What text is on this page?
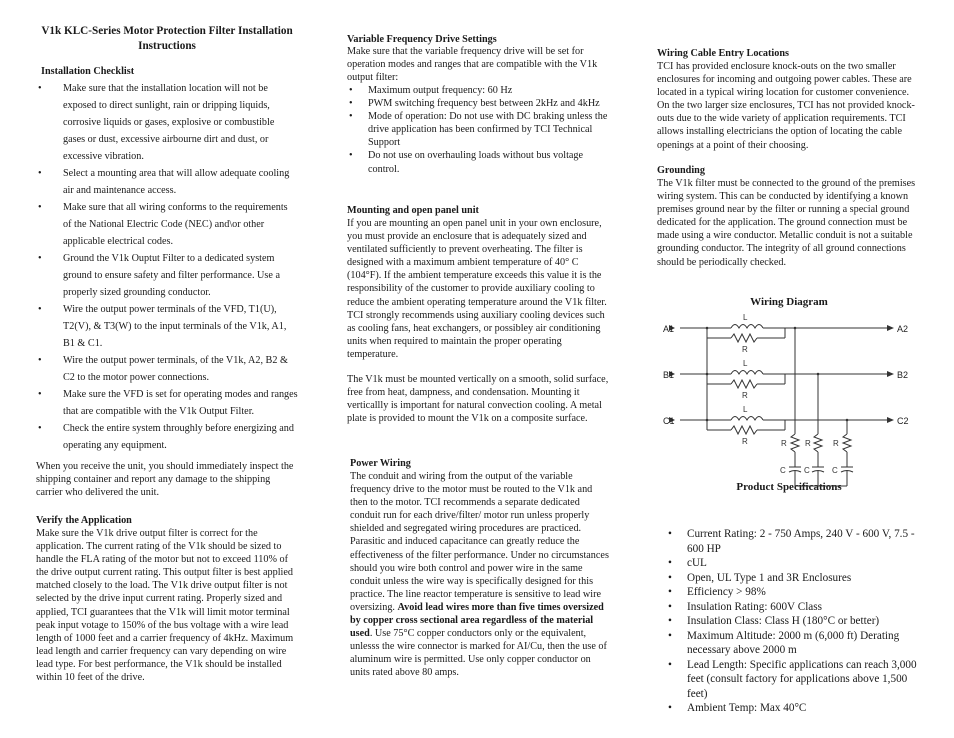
V1k KLC-Series Motor Protection Filter Installation Instructions
Installation Checklist
• Make sure that the installation location will not be exposed to direct sunlight, rain or dripping liquids, corrosive liquids or gases, explosive or combustible gases or dust, excessive airbourne dirt and dust, or excessive vibration.
• Select a mounting area that will allow adequate cooling air and maintenance access.
• Make sure that all wiring conforms to the requirements of the National Electric Code (NEC) and\or other applicable electrical codes.
• Ground the V1k Ouptut Filter to a dedicated system ground to ensure safety and filter performance. Use a properly sized grounding conductor.
• Wire the output power terminals of the VFD, T1(U), T2(V), & T3(W) to the input terminals of the V1k, A1, B1 & C1.
• Wire the output power terminals, of the V1k, A2, B2 & C2 to the motor power connections.
• Make sure the VFD is set for operating modes and ranges that are compatible with the V1k Output Filter.
• Check the entire system throughly before energizing and operating any equipment.

When you receive the unit, you should immediately inspect the shipping container and report any damage to the shipping carrier who delivered the unit.

Verify the Application

Make sure the V1k drive output filter is correct for the application. The current rating of the V1k should be sized to handle the FLA rating of the motor but not to exceed 110% of the drive output current rating. This output filter is best applied matched closely to the load. The V1k drive output filter is not selected by the drive input current rating. Properly sized and applied, TCI guarantees that the V1k will limit motor terminal peak input votage to 150% of the bus voltage with a wire lead length of 1000 feet and a carrier frequency of 4kHz. Maximum lead length and carrier frequency can vary depending on wire lead type. For best performance, the V1k should be installed within 10 feet of the drive.

Variable Frequency Drive Settings

Make sure that the variable frequency drive will be set for operation modes and ranges that are compatible with the V1k output filter:

• Maximum output frequency: 60 Hz
• PWM switching frequency best between 2kHz and 4kHz
• Mode of operation: Do not use with DC braking unless the drive application has been confirmed by TCI Technical Support
• Do not use on overhauling loads without bus voltage control.
Mounting and open panel unit

If you are mounting an open panel unit in your own enclosure, you must provide an enclosure that is adequately sized and ventilated sufficiently to prevent overheating. The filter is designed with a maximum ambient temperature of 40° C (104°F). If the ambient temperature exceeds this value it is the responsibility of the customer to provide auxiliary cooling to reduce the ambient operating temperature around the V1k filter. TCI strongly recommends using auxiliary cooling devices such as cooling fans, heat exchangers, or possibley air conditioning units when required to maintain the proper operating temperature.

The V1k must be mounted vertically on a smooth, solid surface, free from heat, dampness, and condensation. Mounting it verticallly is important for natural convection cooling. A metal plate is provided to mount the V1k on a composite surface.

Power Wiring

The conduit and wiring from the output of the variable frequency drive to the motor must be routed to the V1k and then to the motor. TCI recommends a separate dedicated conduit run for each drive/filter/ motor run unless properly shielded and segregated wiring procedures are practiced. Parasitic and induced capacitance can greatly reduce the effectiveness of the filter performance. Under no circumstances should you wire both control and power wire in the same conduit unless the wire way is specifically designed for this practice. The line reactor temperature is sensitive to lead wire oversizing. Avoid lead wires more than five times oversized by copper cross sectional area regardless of the material used. Use 75°C copper conductors only or the equivalent, unlesss the wire connector is marked for AI/Cu, then the use of aluminum wire is permitted. Use only copper conductor on units rated above 80 amps.

Wiring Cable Entry Locations

TCI has provided enclosure knock-outs on the two smaller enclosures for incoming and outgoing power cables. These are located in a typical wiring location for customer convenience. On the two larger size enclosures, TCI has not provided knock-outs due to the wide variety of application requirements. TCI allows installing electricians the option of locating the cable openings at a point of their choosing.

Grounding

The V1k filter must be connected to the ground of the premises wiring system. This can be conducted by identifying a known premises ground near by the filter or running a special ground dedicated for the application. The ground connection must be made using a wire conductor. Metallic conduit is not a suitable grounding conductor. The integrity of all ground connections should be periodically checked.

Wiring Diagram
Product Specifications
• Current Rating: 2 - 750 Amps, 240 V - 600 V, 7.5 - 600 HP
• cUL
• Open, UL Type 1 and 3R Enclosures
• Efficiency > 98%
• Insulation Rating: 600V Class
• Insulation Class: Class H (180°C or better)
• Maximum Altitude: 2000 m (6,000 ft) Derating necessary above 2000 m
• Lead Length: Specific applications can reach 3,000 feet (consult factory for applications above 1,500 feet)
• Ambient Temp: Max 40°C
A1
B1
C1
A2
B2
C2
L
R
L
R
L
R	R R	R
C C	C
